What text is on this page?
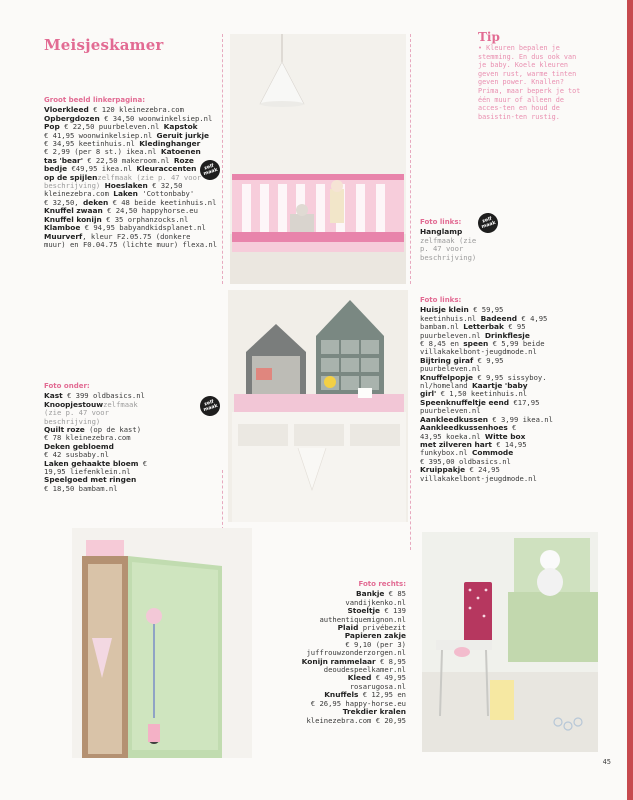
Meisjeskamer
Groot beeld linkerpagina:
Vloerkleed € 120 kleinezebra.com
Opbergdozen € 34,50 woonwinkelsiep.nl
Pop € 22,50 puurbeleven.nl Kapstok
€ 41,95 woonwinkelsiep.nl Geruit jurkje
€ 34,95 keetinhuis.nl Kledinghanger
€ 2,99 (per 8 st.) ikea.nl Katoenen
tas 'bear' € 22,50 makeroom.nl Roze
bedje €49,95 ikea.nl Kleuraccenten
op de spijlenzelfmaak (zie p. 47 voor
beschrijving) Hoeslaken € 32,50
kleinezebra.com Laken 'Cottonbaby'
€ 32,50, deken € 48 beide keetinhuis.nl
Knuffel zwaan € 24,50 happyhorse.eu
Knuffel konijn € 35 orphanzocks.nl
Klamboe € 94,95 babyandkidsplanet.nl
Muurverf, kleur F2.05.75 (donkere
muur) en F0.04.75 (lichte muur) flexa.nl
zelf maak
zelf maak
zelf maak
Foto onder:
Kast € 399 oldbasics.nl
Knoopjestouwzelfmaak
(zie p. 47 voor
beschrijving)
Quilt roze (op de kast)
€ 78 kleinezebra.com
Deken gebloemd
€ 42 susbaby.nl
Laken gehaakte bloem €
19,95 liefenklein.nl
Speelgoed met ringen
€ 18,50 bambam.nl
Tip
• Kleuren bepalen je stemming. En dus ook van je baby. Koele kleuren geven rust, warme tinten geven power. Knallen? Prima, maar beperk je tot één muur of alleen de acces-ten en houd de basistin-ten rustig.
Foto links:
Hanglamp
zelfmaak (zie
p. 47 voor
beschrijving)
Foto links:
Huisje klein € 59,95
keetinhuis.nl Badeend € 4,95
bambam.nl Letterbak € 95
puurbeleven.nl Drinkflesje
€ 8,45 en speen € 5,99 beide
villakakelbont-jeugdmode.nl
Bijtring giraf € 9,95
puurbeleven.nl
Knuffelpopje € 9,95 sissyboy.
nl/homeland Kaartje 'baby
girl' € 1,50 keetinhuis.nl
Speenknuffeltje eend €17,95
puurbeleven.nl
Aankleedkussen € 3,99 ikea.nl
Aankleedkussenhoes €
43,95 koeka.nl Witte box
met zilveren hart € 14,95
funkybox.nl Commode
€ 395,00 oldbasics.nl
Kruippakje € 24,95
villakakelbont-jeugdmode.nl
Foto rechts:
Bankje € 85
vandijkenko.nl
Stoeltje € 139
authentiquemignon.nl
Plaid privébezit
Papieren zakje
€ 9,10 (per 3)
juffrouwzonderzorgen.nl
Konijn rammelaar € 8,95
deoudespeelkamer.nl
Kleed € 49,95
rosarugosa.nl
Knuffels € 12,95 en
€ 26,95 happy-horse.eu
Trekdier kralen
kleinezebra.com € 20,95
45
